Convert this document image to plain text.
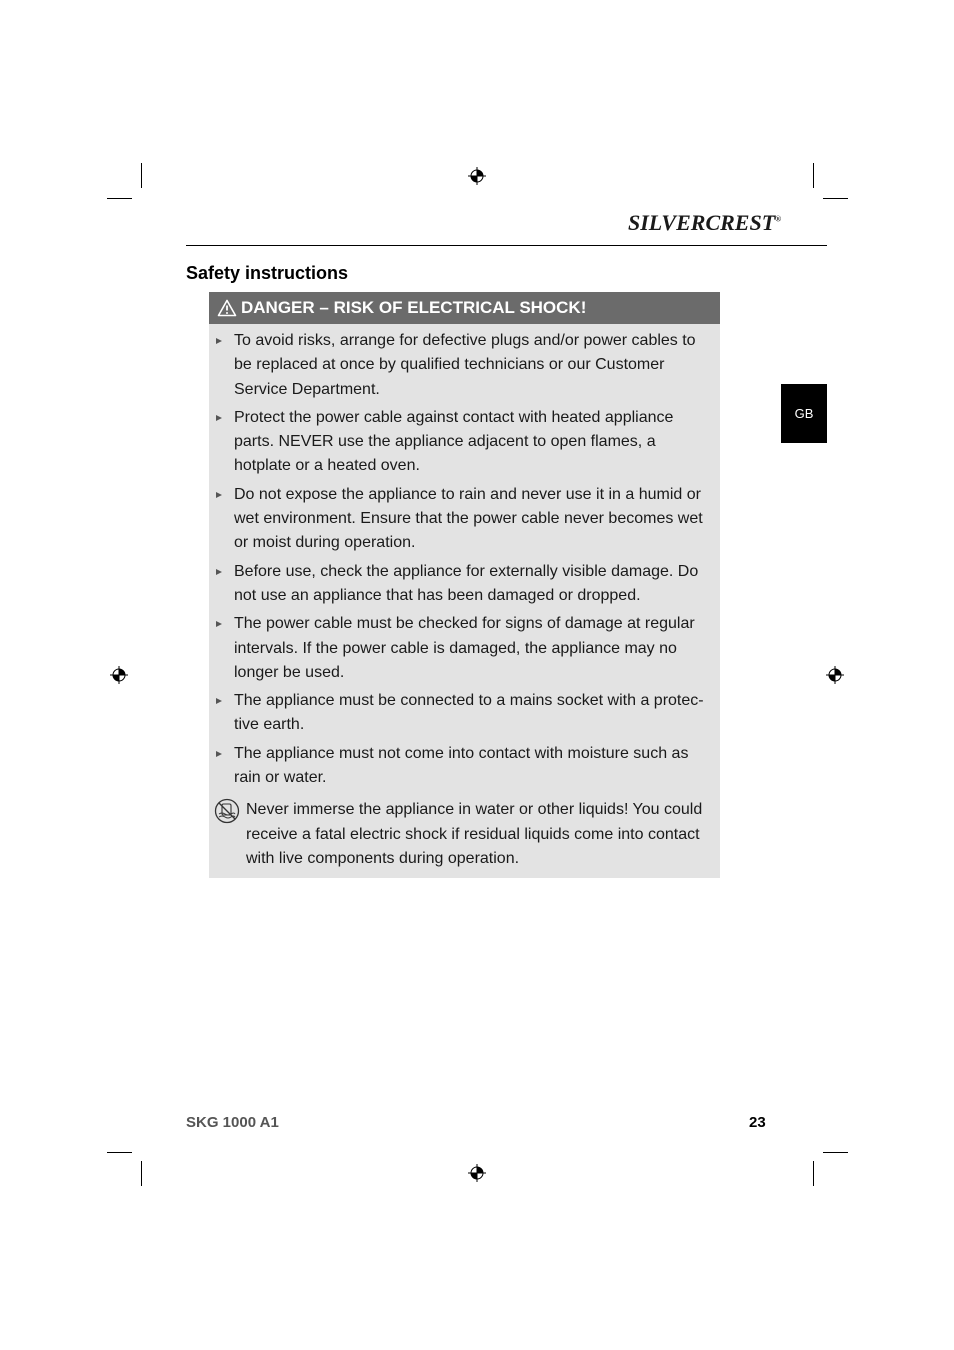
SILVERCREST®
GB
Safety instructions
DANGER – RISK OF ELECTRICAL SHOCK!
To avoid risks, arrange for defective plugs and/or power cables to be replaced at once by qualified technicians or our Customer Service Department.
Protect the power cable against contact with heated appliance parts. NEVER use the appliance adjacent to open flames, a hotplate or a heated oven.
Do not expose the appliance to rain and never use it in a humid or wet environment. Ensure that the power cable never becomes wet or moist during operation.
Before use, check the appliance for externally visible damage. Do not use an appliance that has been damaged or dropped.
The power cable must be checked for signs of damage at regular intervals. If the power cable is damaged, the appliance may no longer be used.
The appliance must be connected to a mains socket with a protec-tive earth.
The appliance must not come into contact with moisture such as rain or water.
Never immerse the appliance in water or other liquids! You could receive a fatal electric shock if residual liquids come into contact with live components during operation.
SKG 1000 A1	23
